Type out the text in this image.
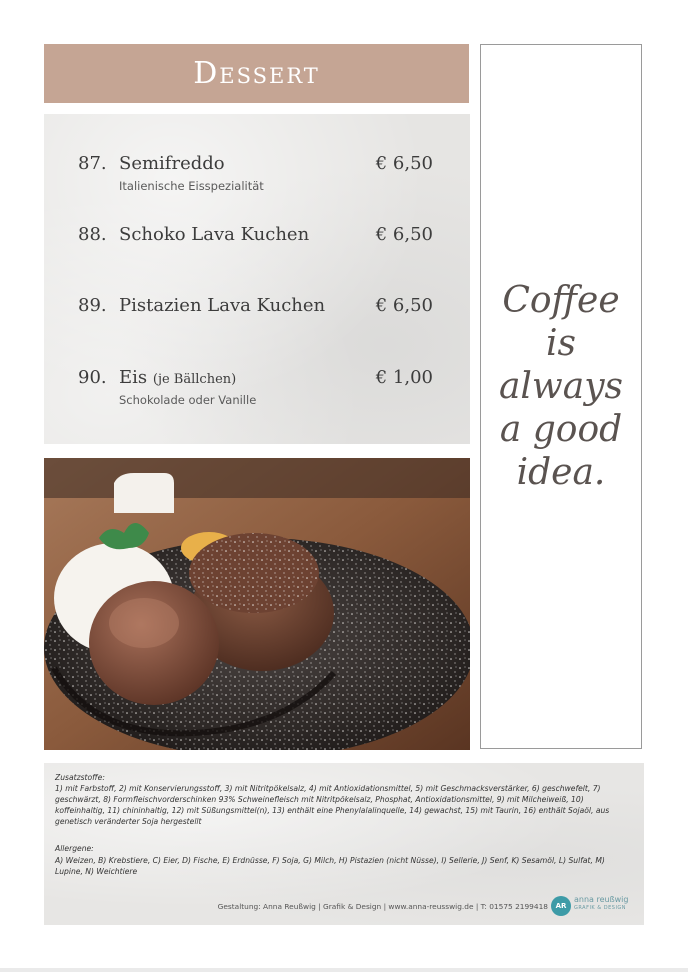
Dessert
87. Semifreddo	€ 6,50
Italienische Eisspezialität
88. Schoko Lava Kuchen	€ 6,50
89. Pistazien Lava Kuchen	€ 6,50
90. Eis (je Bällchen)	€ 1,00
Schokolade oder Vanille
Coffee
is
always
a good
idea.
Zusatzstoffe:
1) mit Farbstoff, 2) mit Konservierungsstoff, 3) mit Nitritpökelsalz, 4) mit Antioxidationsmittel, 5) mit Geschmacksverstärker, 6) geschwefelt, 7) geschwärzt, 8) Formfleischvorderschinken 93% Schweinefleisch mit Nitritpökelsalz, Phosphat, Antioxidationsmittel, 9) mit Milcheiweiß, 10) koffeinhaltig, 11) chininhaltig, 12) mit Süßungsmittel(n), 13) enthält eine Phenylalalinquelle, 14) gewachst, 15) mit Taurin, 16) enthält Sojaöl, aus genetisch veränderter Soja hergestellt
Allergene:
A) Weizen, B) Krebstiere, C) Eier, D) Fische, E) Erdnüsse, F) Soja, G) Milch, H) Pistazien (nicht Nüsse), I) Sellerie, J) Senf, K) Sesamöl, L) Sulfat, M) Lupine, N) Weichtiere
Gestaltung: Anna Reußwig | Grafik & Design | www.anna-reusswig.de | T: 01575 2199418	AR
anna reußwig
GRAFIK & DESIGN
